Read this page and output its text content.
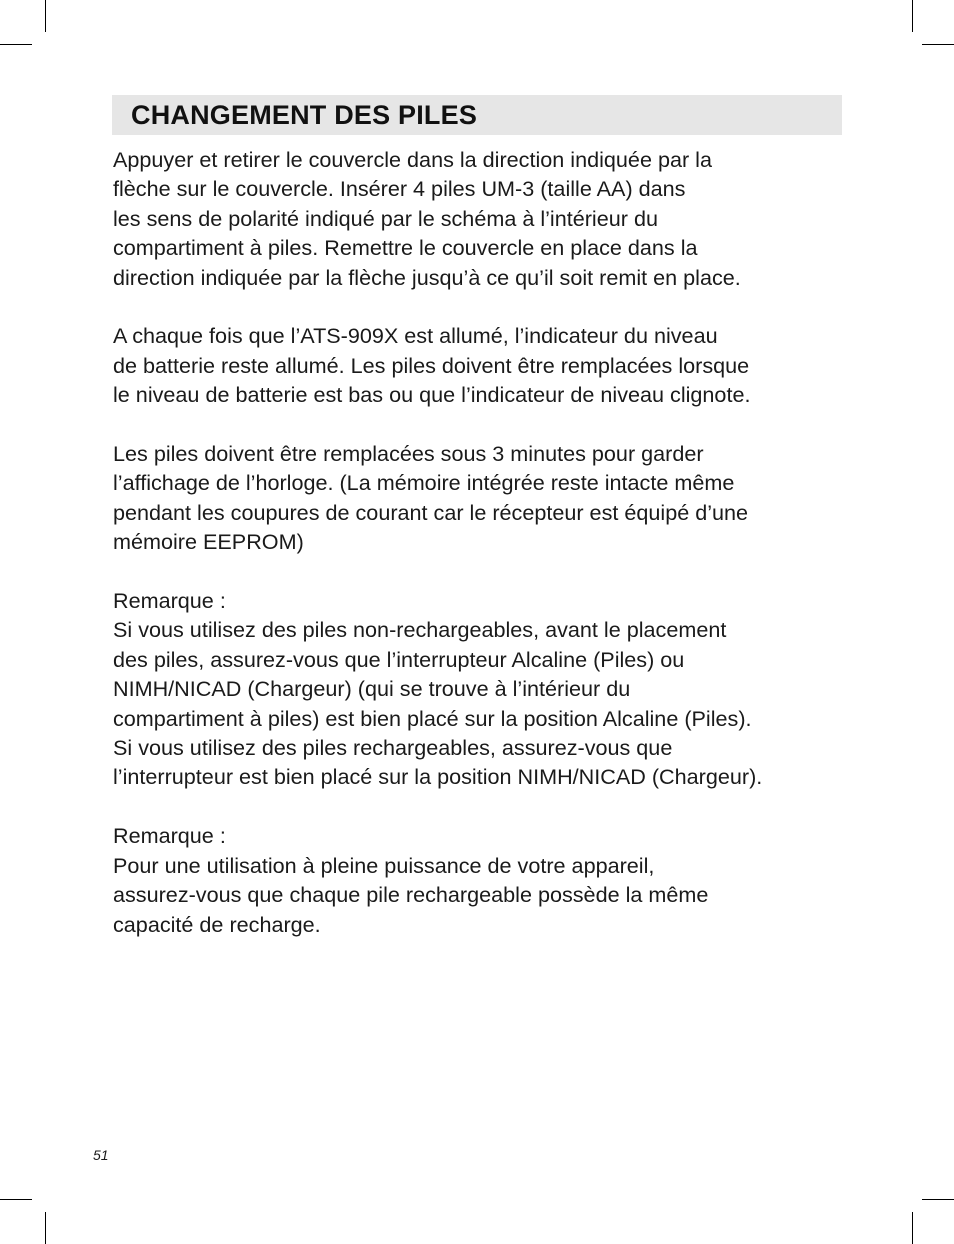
CHANGEMENT DES PILES
Appuyer et retirer le couvercle dans la direction indiquée par la
flèche sur le couvercle. Insérer 4 piles UM-3 (taille AA) dans
les sens de polarité indiqué par le schéma à l’intérieur du
compartiment à piles. Remettre le couvercle en place dans la
direction indiquée par la flèche jusqu’à ce qu’il soit remit en place.
A chaque fois que l’ATS-909X est allumé, l’indicateur du niveau
de batterie reste allumé. Les piles doivent être remplacées lorsque
le niveau de batterie est bas ou que l’indicateur de niveau clignote.
Les piles doivent être remplacées sous 3 minutes pour garder
l’affichage de l’horloge. (La mémoire intégrée reste intacte même
pendant les coupures de courant car le récepteur est équipé d’une
mémoire EEPROM)
Remarque :
Si vous utilisez des piles non-rechargeables, avant le placement
des piles, assurez-vous que l’interrupteur Alcaline (Piles) ou
NIMH/NICAD (Chargeur) (qui se trouve à l’intérieur du
compartiment à piles) est bien placé sur la position Alcaline (Piles).
Si vous utilisez des piles rechargeables, assurez-vous que
l’interrupteur est bien placé sur la position NIMH/NICAD (Chargeur).
Remarque :
Pour une utilisation à pleine puissance de votre appareil,
assurez-vous que chaque pile rechargeable possède la même
capacité de recharge.
51
